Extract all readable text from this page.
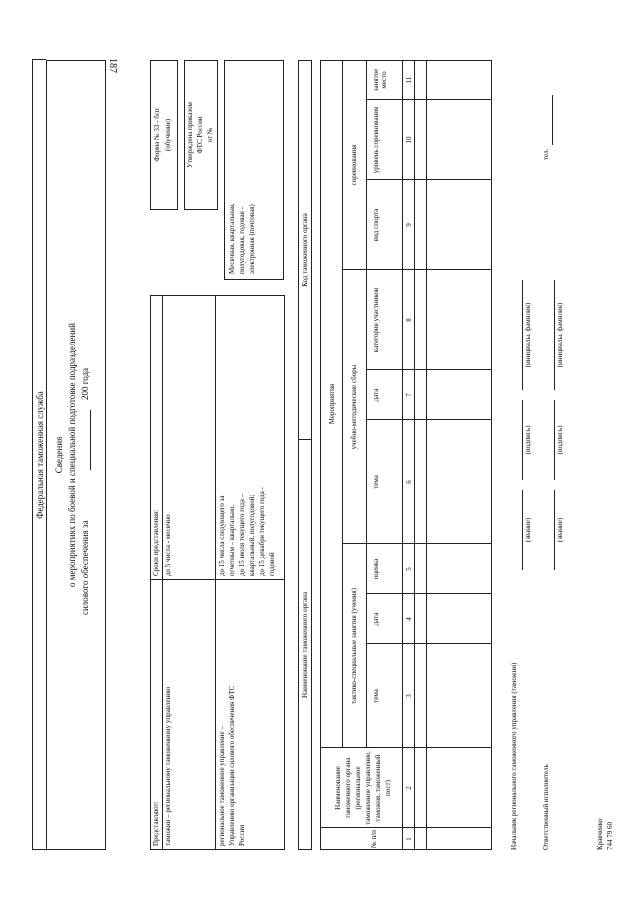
187
Федеральная таможенная служба Сведения о мероприятиях по боевой и специальной подготовке подразделений силового обеспечения за
200 года
Форма № 33 - бсп (обучение) Утверждена приказом ФТС России от №
Месячная, квартальная, полугодовая, годовая - электронная (почтовая)
Представляют:
Сроки представления:
таможни – региональному таможенному управлению
до 5 числа - месячно
региональное таможенное управление – Управлению организации силового обеспечения ФТС России
до 15 числа следующего за отчетным – квартально, до 15 июля текущего года – квартальный, полугодовой; до 15 декабря текущего года - годовой
Наименование таможенного органа
Код таможенного органа
№ п/п
Наименование таможенного органа (региональное таможенное управление, таможня, таможенный пост)
Мероприятия
тактико-специальные занятия (учения)
учебно-методические сборы
соревнования
тема
дата
оценка
тема
дата
категория участников
вид спорта
уровень соревнования
занятое место
1
2
3
4
5
6
7
8
9
10
11
Начальник регионального таможенного управления (таможни)
(звание)
(подпись)
(инициалы, фамилия)
Ответственный исполнитель
(звание)
(подпись)
(инициалы, фамилия)
тел.
Кравченко 744 79 60
